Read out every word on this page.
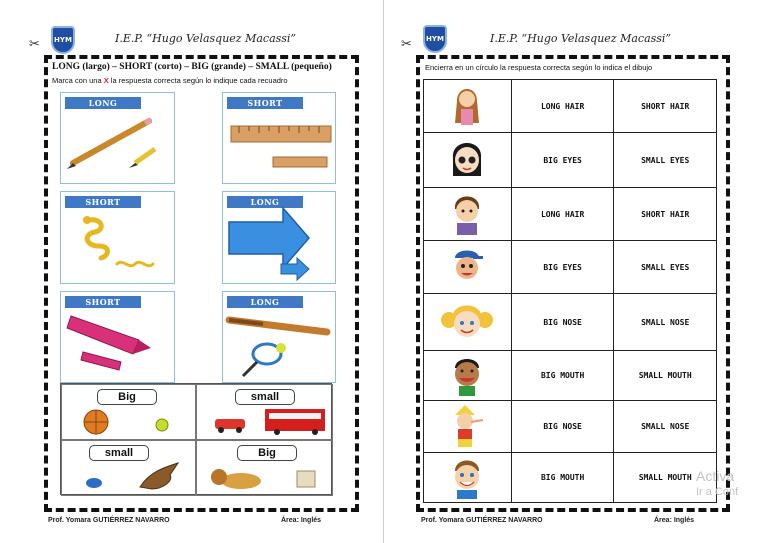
HYM	I.E.P. “Hugo Velasquez Macassi”
✂
LONG (largo) – SHORT (corto) – BIG (grande) – SMALL (pequeño)
Marca con una X la respuesta correcta según lo indique cada recuadro
LONG	SHORT
SHORT	LONG
SHORT	LONG
Big	small
small	Big
Prof. Yomara GUTIÉRREZ NAVARRO	Área: Inglés
HYM	I.E.P. “Hugo Velasquez Macassi”
✂
Encierra en un círculo la respuesta correcta según lo indica el dibujo
	LONG HAIR	SHORT HAIR

	BIG EYES	SMALL EYES

	LONG HAIR	SHORT HAIR

	BIG EYES	SMALL EYES

	BIG NOSE	SMALL NOSE

	BIG MOUTH	SMALL MOUTH

	BIG NOSE	SMALL NOSE

	BIG MOUTH	SMALL MOUTH
Prof. Yomara GUTIÉRREZ NAVARRO	Área: Inglés
Activa
Ir a Conf
